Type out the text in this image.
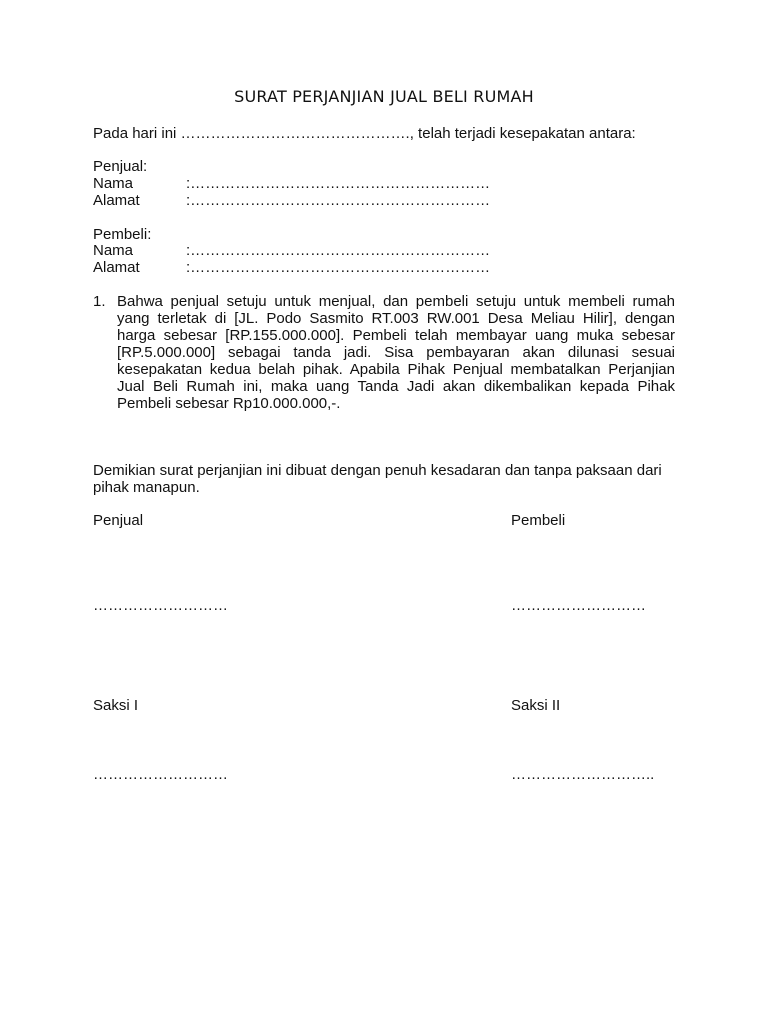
SURAT PERJANJIAN JUAL BELI RUMAH
Pada hari ini ………………………………………., telah terjadi kesepakatan antara:
Penjual:
Nama	:……………………………………………………
Alamat	:……………………………………………………
Pembeli:
Nama	:……………………………………………………
Alamat	:……………………………………………………
1. Bahwa penjual setuju untuk menjual, dan pembeli setuju untuk membeli rumah yang terletak di [JL. Podo Sasmito RT.003 RW.001 Desa Meliau Hilir], dengan harga sebesar [RP.155.000.000]. Pembeli telah membayar uang muka sebesar [RP.5.000.000] sebagai tanda jadi. Sisa pembayaran akan dilunasi sesuai kesepakatan kedua belah pihak. Apabila Pihak Penjual membatalkan Perjanjian Jual Beli Rumah ini, maka uang Tanda Jadi akan dikembalikan kepada Pihak Pembeli sebesar Rp10.000.000,-.
Demikian surat perjanjian ini dibuat dengan penuh kesadaran dan tanpa paksaan dari pihak manapun.
Penjual	Pembeli
………………………	………………………
Saksi I	Saksi II
………………………	………………………..
